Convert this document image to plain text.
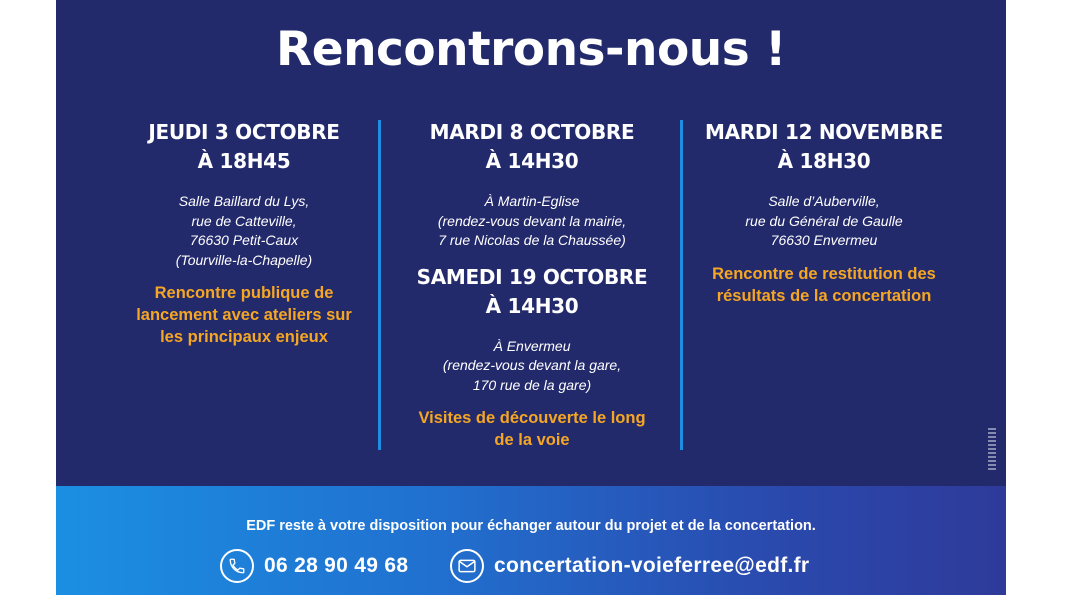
Rencontrons-nous !
JEUDI 3 OCTOBRE
À 18H45
Salle Baillard du Lys,
rue de Catteville,
76630 Petit-Caux
(Tourville-la-Chapelle)
Rencontre publique de
lancement avec ateliers sur
les principaux enjeux
MARDI 8 OCTOBRE
À 14H30
À Martin-Eglise
(rendez-vous devant la mairie,
7 rue Nicolas de la Chaussée)
SAMEDI 19 OCTOBRE
À 14H30
À Envermeu
(rendez-vous devant la gare,
170 rue de la gare)
Visites de découverte le long
de la voie
MARDI 12 NOVEMBRE
À 18H30
Salle d’Auberville,
rue du Général de Gaulle
76630 Envermeu
Rencontre de restitution des
résultats de la concertation
EDF reste à votre disposition pour échanger autour du projet et de la concertation.
06 28 90 49 68	concertation-voieferree@edf.fr
